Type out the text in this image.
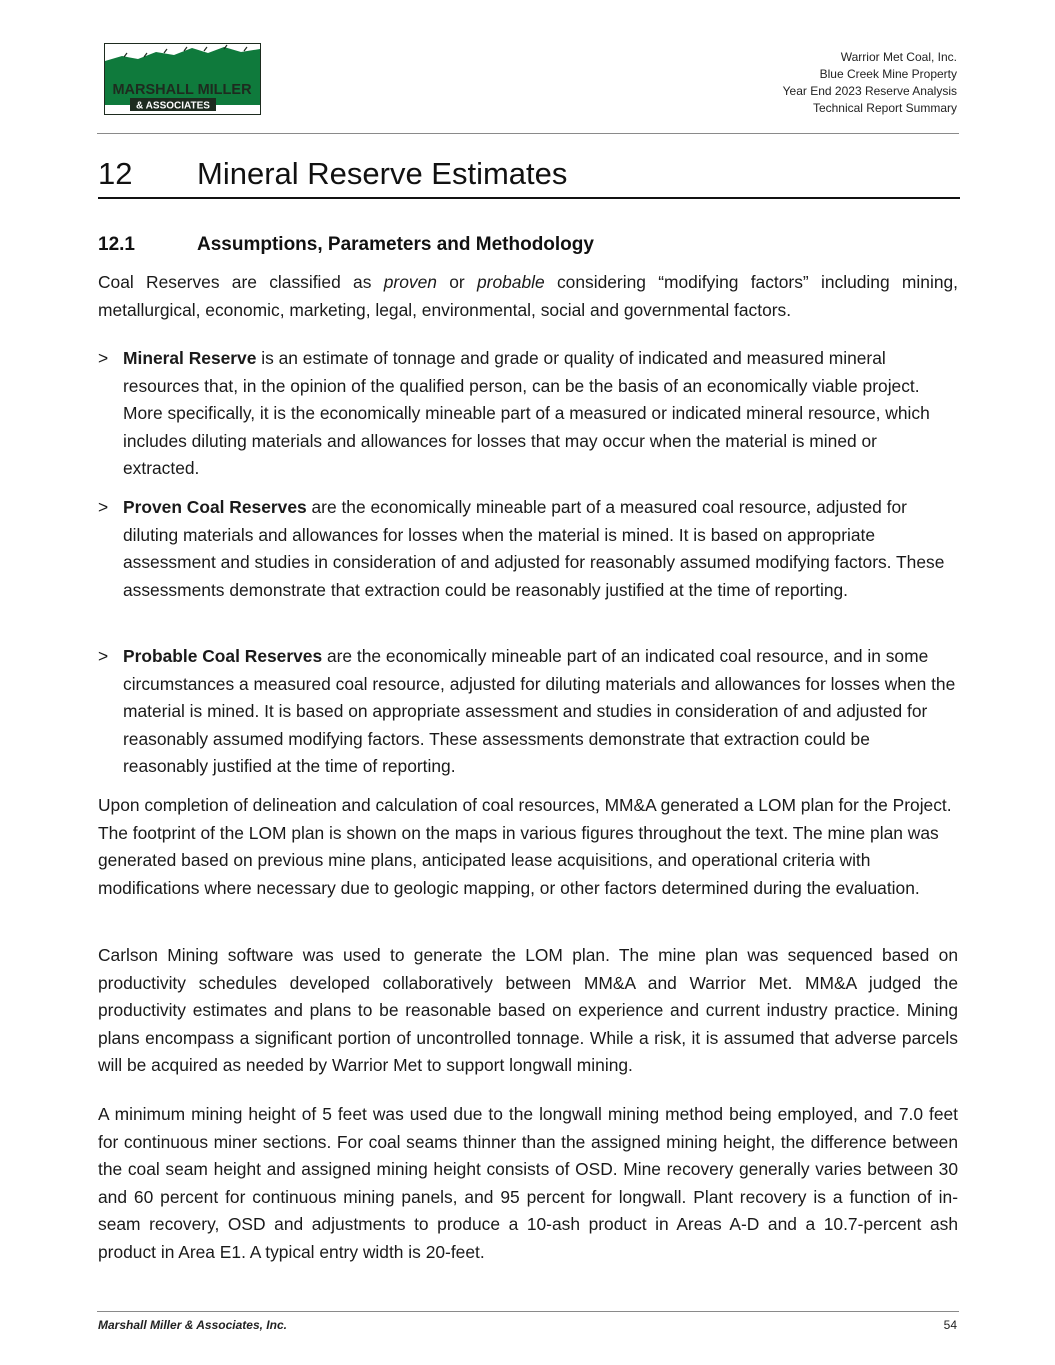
MARSHALL MILLER
& ASSOCIATES
Warrior Met Coal, Inc.
Blue Creek Mine Property
Year End 2023 Reserve Analysis
Technical Report Summary
12 Mineral Reserve Estimates
12.1	Assumptions, Parameters and Methodology

Coal Reserves are classified as proven or probable considering “modifying factors” including mining, metallurgical, economic, marketing, legal, environmental, social and governmental factors.

> Mineral Reserve is an estimate of tonnage and grade or quality of indicated and measured mineral resources that, in the opinion of the qualified person, can be the basis of an economically viable project. More specifically, it is the economically mineable part of a measured or indicated mineral resource, which includes diluting materials and allowances for losses that may occur when the material is mined or extracted.
> Proven Coal Reserves are the economically mineable part of a measured coal resource, adjusted for diluting materials and allowances for losses when the material is mined. It is based on appropriate assessment and studies in consideration of and adjusted for reasonably assumed modifying factors. These assessments demonstrate that extraction could be reasonably justified at the time of reporting.
> Probable Coal Reserves are the economically mineable part of an indicated coal resource, and in some circumstances a measured coal resource, adjusted for diluting materials and allowances for losses when the material is mined. It is based on appropriate assessment and studies in consideration of and adjusted for reasonably assumed modifying factors. These assessments demonstrate that extraction could be reasonably justified at the time of reporting.

Upon completion of delineation and calculation of coal resources, MM&A generated a LOM plan for the Project. The footprint of the LOM plan is shown on the maps in various figures throughout the text. The mine plan was generated based on previous mine plans, anticipated lease acquisitions, and operational criteria with modifications where necessary due to geologic mapping, or other factors determined during the evaluation.

Carlson Mining software was used to generate the LOM plan. The mine plan was sequenced based on productivity schedules developed collaboratively between MM&A and Warrior Met. MM&A judged the productivity estimates and plans to be reasonable based on experience and current industry practice. Mining plans encompass a significant portion of uncontrolled tonnage. While a risk, it is assumed that adverse parcels will be acquired as needed by Warrior Met to support longwall mining.

A minimum mining height of 5 feet was used due to the longwall mining method being employed, and 7.0 feet for continuous miner sections. For coal seams thinner than the assigned mining height, the difference between the coal seam height and assigned mining height consists of OSD. Mine recovery generally varies between 30 and 60 percent for continuous mining panels, and 95 percent for longwall. Plant recovery is a function of in-seam recovery, OSD and adjustments to produce a 10-ash product in Areas A-D and a 10.7-percent ash product in Area E1. A typical entry width is 20-feet.

Marshall Miller & Associates, Inc.	54
